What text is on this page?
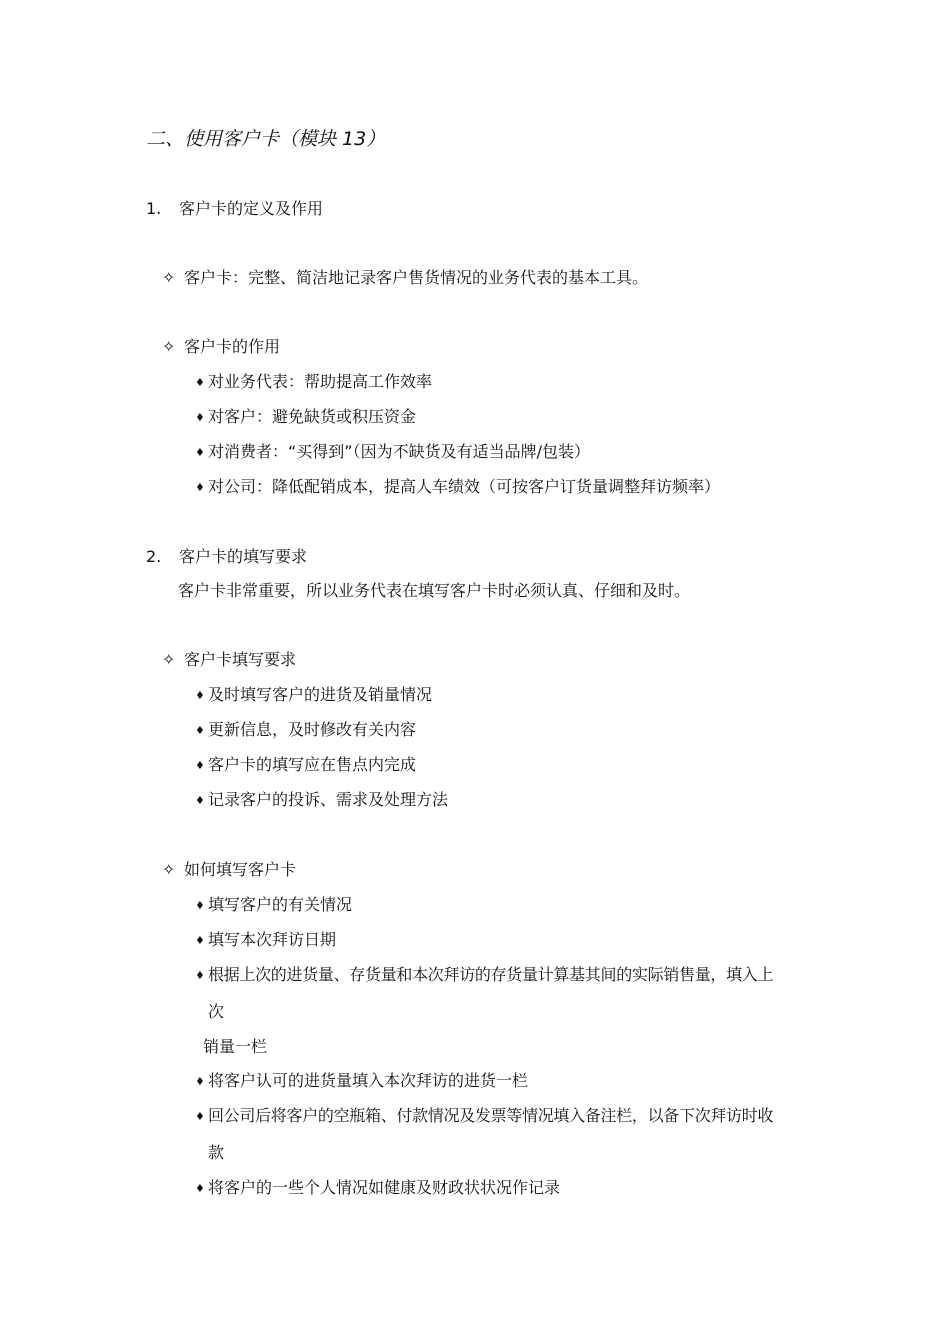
二、使用客户卡（模块 13）
1. 客户卡的定义及作用
✧ 客户卡：完整、简洁地记录客户售货情况的业务代表的基本工具。
✧ 客户卡的作用
♦ 对业务代表：帮助提高工作效率
♦ 对客户：避免缺货或积压资金
♦ 对消费者：“买得到”（因为不缺货及有适当品牌/包装）
♦ 对公司：降低配销成本，提高人车绩效（可按客户订货量调整拜访频率）
2. 客户卡的填写要求
客户卡非常重要，所以业务代表在填写客户卡时必须认真、仔细和及时。
✧ 客户卡填写要求
♦ 及时填写客户的进货及销量情况
♦ 更新信息，及时修改有关内容
♦ 客户卡的填写应在售点内完成
♦ 记录客户的投诉、需求及处理方法
✧ 如何填写客户卡
♦ 填写客户的有关情况
♦ 填写本次拜访日期
♦ 根据上次的进货量、存货量和本次拜访的存货量计算基其间的实际销售量，填入上
次
销量一栏
♦ 将客户认可的进货量填入本次拜访的进货一栏
♦ 回公司后将客户的空瓶箱、付款情况及发票等情况填入备注栏，以备下次拜访时收
款
♦ 将客户的一些个人情况如健康及财政状状况作记录
